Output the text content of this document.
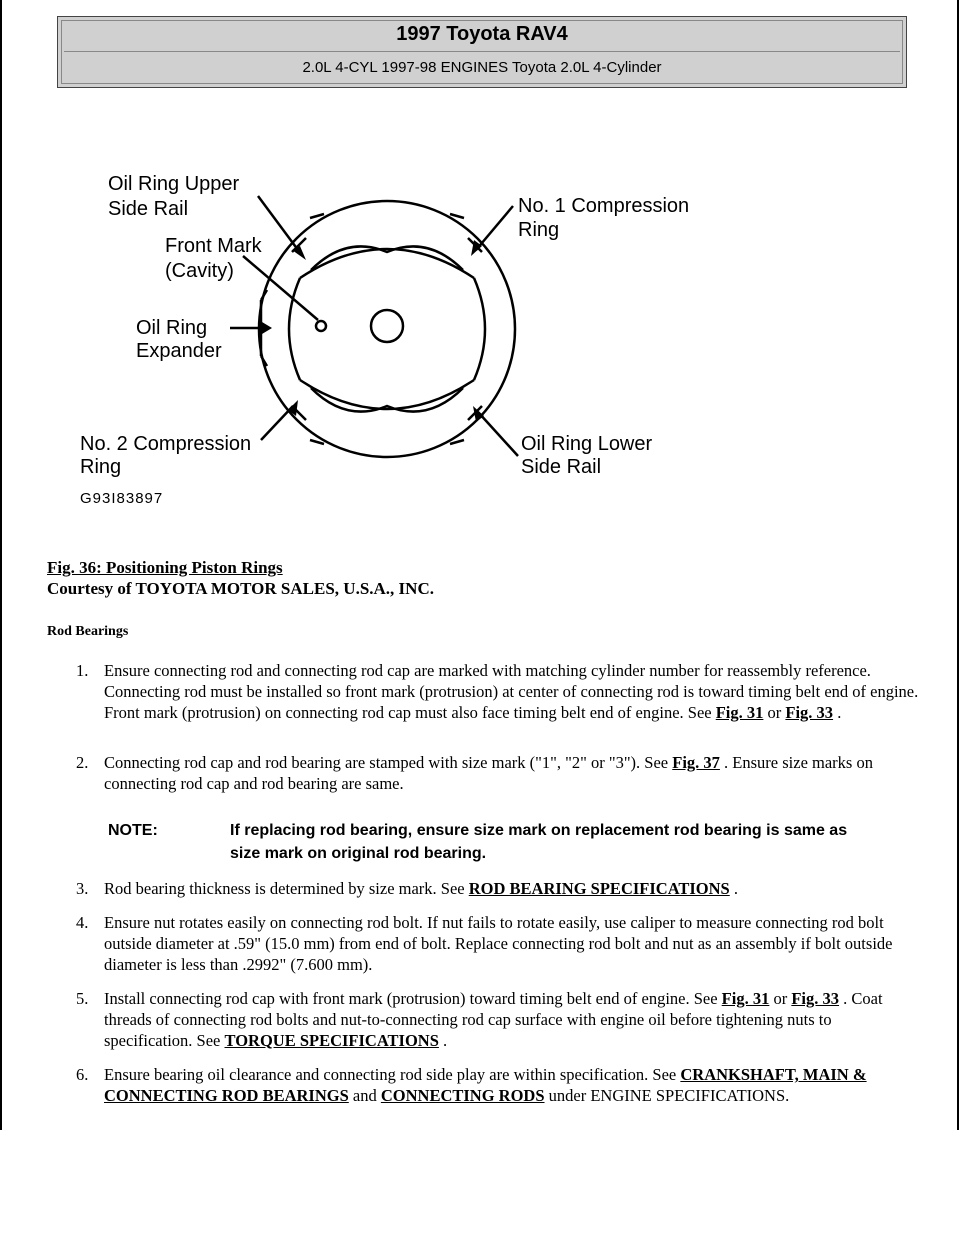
1997 Toyota RAV4
2.0L 4-CYL 1997-98 ENGINES Toyota 2.0L 4-Cylinder
Oil Ring Upper
Side Rail
Front Mark
(Cavity)
Oil Ring
Expander
No. 2 Compression
Ring
No. 1 Compression
Ring
Oil Ring Lower
Side Rail
G93I83897
Fig. 36: Positioning Piston Rings
Courtesy of TOYOTA MOTOR SALES, U.S.A., INC.
Rod Bearings
1. Ensure connecting rod and connecting rod cap are marked with matching cylinder number for reassembly reference. Connecting rod must be installed so front mark (protrusion) at center of connecting rod is toward timing belt end of engine. Front mark (protrusion) on connecting rod cap must also face timing belt end of engine. See Fig. 31 or Fig. 33 .
2. Connecting rod cap and rod bearing are stamped with size mark ("1", "2" or "3"). See Fig. 37 . Ensure size marks on connecting rod cap and rod bearing are same.
NOTE:	If replacing rod bearing, ensure size mark on replacement rod bearing is same as size mark on original rod bearing.
3. Rod bearing thickness is determined by size mark. See ROD BEARING SPECIFICATIONS .
4. Ensure nut rotates easily on connecting rod bolt. If nut fails to rotate easily, use caliper to measure connecting rod bolt outside diameter at .59" (15.0 mm) from end of bolt. Replace connecting rod bolt and nut as an assembly if bolt outside diameter is less than .2992" (7.600 mm).
5. Install connecting rod cap with front mark (protrusion) toward timing belt end of engine. See Fig. 31 or Fig. 33 . Coat threads of connecting rod bolts and nut-to-connecting rod cap surface with engine oil before tightening nuts to specification. See TORQUE SPECIFICATIONS .
6. Ensure bearing oil clearance and connecting rod side play are within specification. See CRANKSHAFT, MAIN & CONNECTING ROD BEARINGS and CONNECTING RODS under ENGINE SPECIFICATIONS.
